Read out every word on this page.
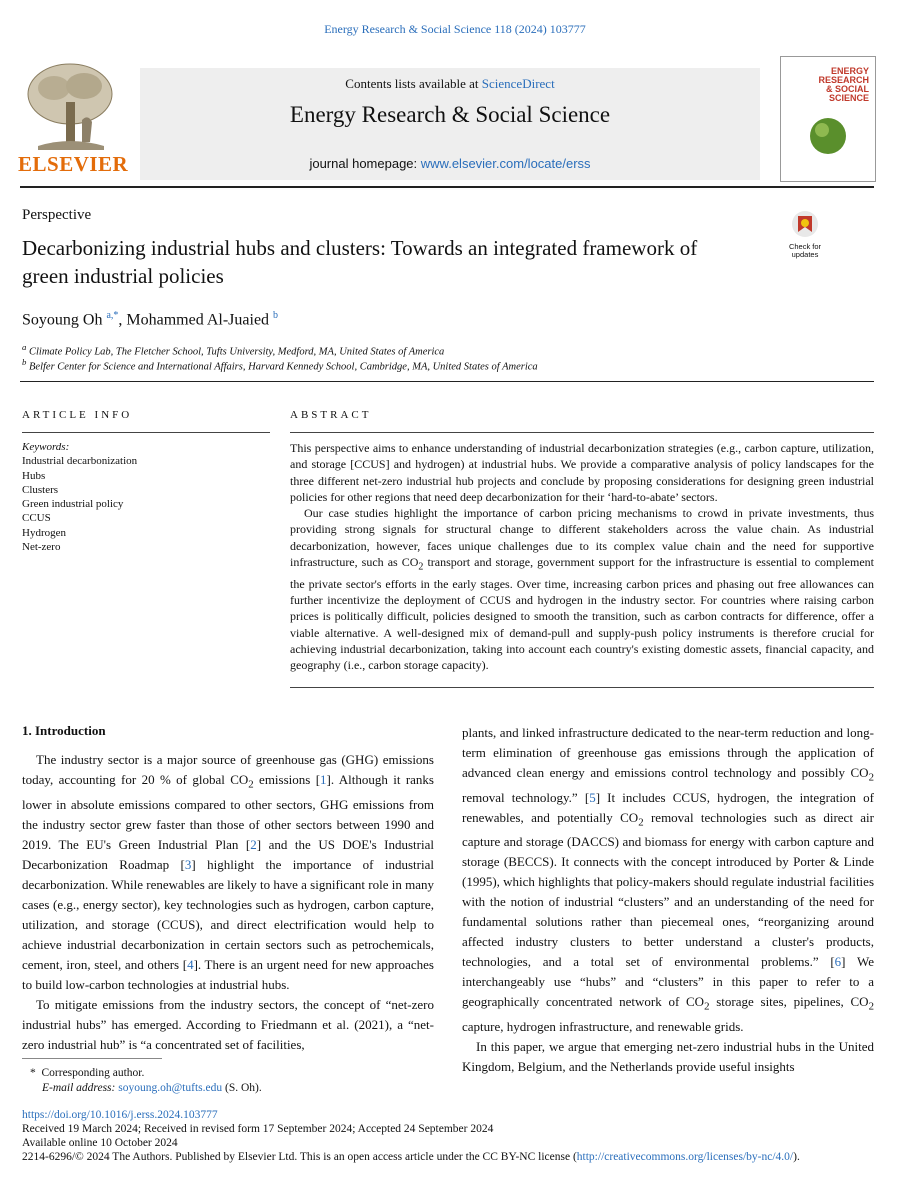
Energy Research & Social Science 118 (2024) 103777
ELSEVIER
Contents lists available at ScienceDirect
Energy Research & Social Science
journal homepage: www.elsevier.com/locate/erss
ENERGY
RESEARCH
& SOCIAL
SCIENCE
Perspective
Decarbonizing industrial hubs and clusters: Towards an integrated framework of green industrial policies
Check for
updates
Soyoung Oh $^{a,*}$, Mohammed Al-Juaied $^b$
$^a$ Climate Policy Lab, The Fletcher School, Tufts University, Medford, MA, United States of America
$^b$ Belfer Center for Science and International Affairs, Harvard Kennedy School, Cambridge, MA, United States of America
ARTICLE INFO
Keywords:
Industrial decarbonization
Hubs
Clusters
Green industrial policy
CCUS
Hydrogen
Net-zero
ABSTRACT

This perspective aims to enhance understanding of industrial decarbonization strategies (e.g., carbon capture, utilization, and storage [CCUS] and hydrogen) at industrial hubs. We provide a comparative analysis of policy landscapes for the three different net-zero industrial hub projects and conclude by proposing considerations for designing green industrial policies for other regions that need deep decarbonization for their ‘hard-to-abate’ sectors.

Our case studies highlight the importance of carbon pricing mechanisms to crowd in private investments, thus providing strong signals for structural change to different stakeholders across the value chain. As industrial decarbonization, however, faces unique challenges due to its complex value chain and the need for supportive infrastructure, such as $CO_2$ transport and storage, government support for the infrastructure is essential to complement the private sector's efforts in the early stages. Over time, increasing carbon prices and phasing out free allowances can further incentivize the deployment of CCUS and hydrogen in the industry sector. For countries where raising carbon prices is politically difficult, policies designed to smooth the transition, such as carbon contracts for difference, offer a viable alternative. A well-designed mix of demand-pull and supply-push policy instruments is therefore crucial for achieving industrial decarbonization, taking into account each country's existing domestic assets, financial capacity, and geography (i.e., carbon storage capacity).

1. Introduction

The industry sector is a major source of greenhouse gas (GHG) emissions today, accounting for 20 % of global $CO_2$ emissions [1]. Although it ranks lower in absolute emissions compared to other sectors, GHG emissions from the industry sector grew faster than those of other sectors between 1990 and 2019. The EU's Green Industrial Plan [2] and the US DOE's Industrial Decarbonization Roadmap [3] highlight the importance of industrial decarbonization. While renewables are likely to have a significant role in many cases (e.g., energy sector), key technologies such as hydrogen, carbon capture, utilization, and storage (CCUS), and direct electrification would help to achieve industrial decarbonization in certain sectors such as petrochemicals, cement, iron, steel, and others [4]. There is an urgent need for new approaches to build low-carbon technologies at industrial hubs.

To mitigate emissions from the industry sectors, the concept of “net-zero industrial hubs” has emerged. According to Friedmann et al. (2021), a “net-zero industrial hub” is “a concentrated set of facilities,

plants, and linked infrastructure dedicated to the near-term reduction and long-term elimination of greenhouse gas emissions through the application of advanced clean energy and emissions control technology and possibly $CO_2$ removal technology.” [5] It includes CCUS, hydrogen, the integration of renewables, and potentially $CO_2$ removal technologies such as direct air capture and storage (DACCS) and biomass for energy with carbon capture and storage (BECCS). It connects with the concept introduced by Porter & Linde (1995), which highlights that policy-makers should regulate industrial facilities with the notion of industrial “clusters” and an understanding of the need for fundamental solutions rather than piecemeal ones, “reorganizing around affected industry clusters to better understand a cluster's products, technologies, and a total set of environmental problems.” [6] We interchangeably use “hubs” and “clusters” in this paper to refer to a geographically concentrated network of $CO_2$ storage sites, pipelines, $CO_2$ capture, hydrogen infrastructure, and renewable grids.

In this paper, we argue that emerging net-zero industrial hubs in the United Kingdom, Belgium, and the Netherlands provide useful insights

* Corresponding author.
E-mail address: soyoung.oh@tufts.edu (S. Oh).
https://doi.org/10.1016/j.erss.2024.103777
Received 19 March 2024; Received in revised form 17 September 2024; Accepted 24 September 2024
Available online 10 October 2024
2214-6296/© 2024 The Authors. Published by Elsevier Ltd. This is an open access article under the CC BY-NC license (http://creativecommons.org/licenses/by-nc/4.0/).
